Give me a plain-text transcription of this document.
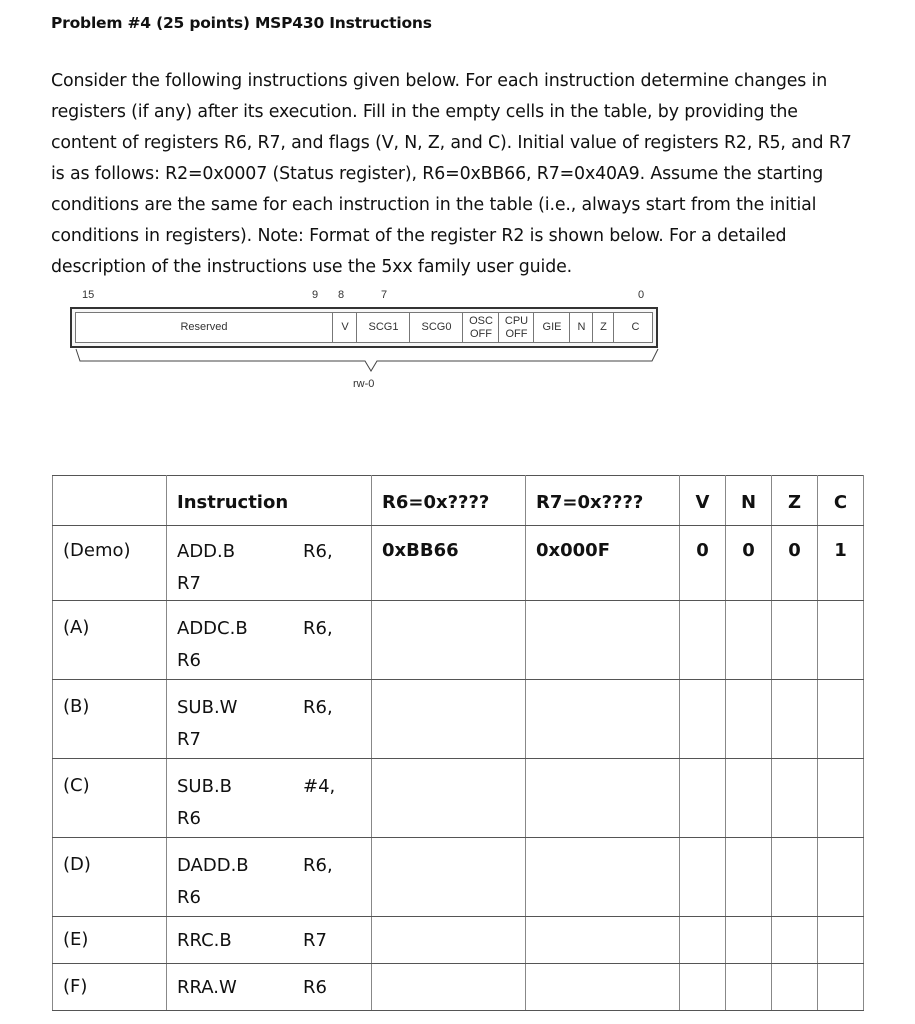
Problem #4 (25 points) MSP430 Instructions

Consider the following instructions given below. For each instruction determine changes in

registers (if any) after its execution. Fill in the empty cells in the table, by providing the

content of registers R6, R7, and flags (V, N, Z, and C). Initial value of registers R2, R5, and R7

is as follows: R2=0x0007 (Status register), R6=0xBB66, R7=0x40A9. Assume the starting

conditions are the same for each instruction in the table (i.e., always start from the initial

conditions in registers). Note: Format of the register R2 is shown below. For a detailed

description of the instructions use the 5xx family user guide.

15	9 8	7	0
Reserved	V	SCG1	SCG0
OSC
OFF
CPU
OFF
GIE	N	Z	C
rw-0

	Instruction	R6=0x????	R7=0x????	V	N	Z	C

(Demo)	ADD.B R6,
R7	0xBB66	0x000F	0	0	0	1

(A)	ADDC.B R6,
R6						

(B)	SUB.W R6,
R7						

(C)	SUB.B #4,
R6						

(D)	DADD.B R6,
R6						

(E)	RRC.B R7						

(F)	RRA.W R6						
